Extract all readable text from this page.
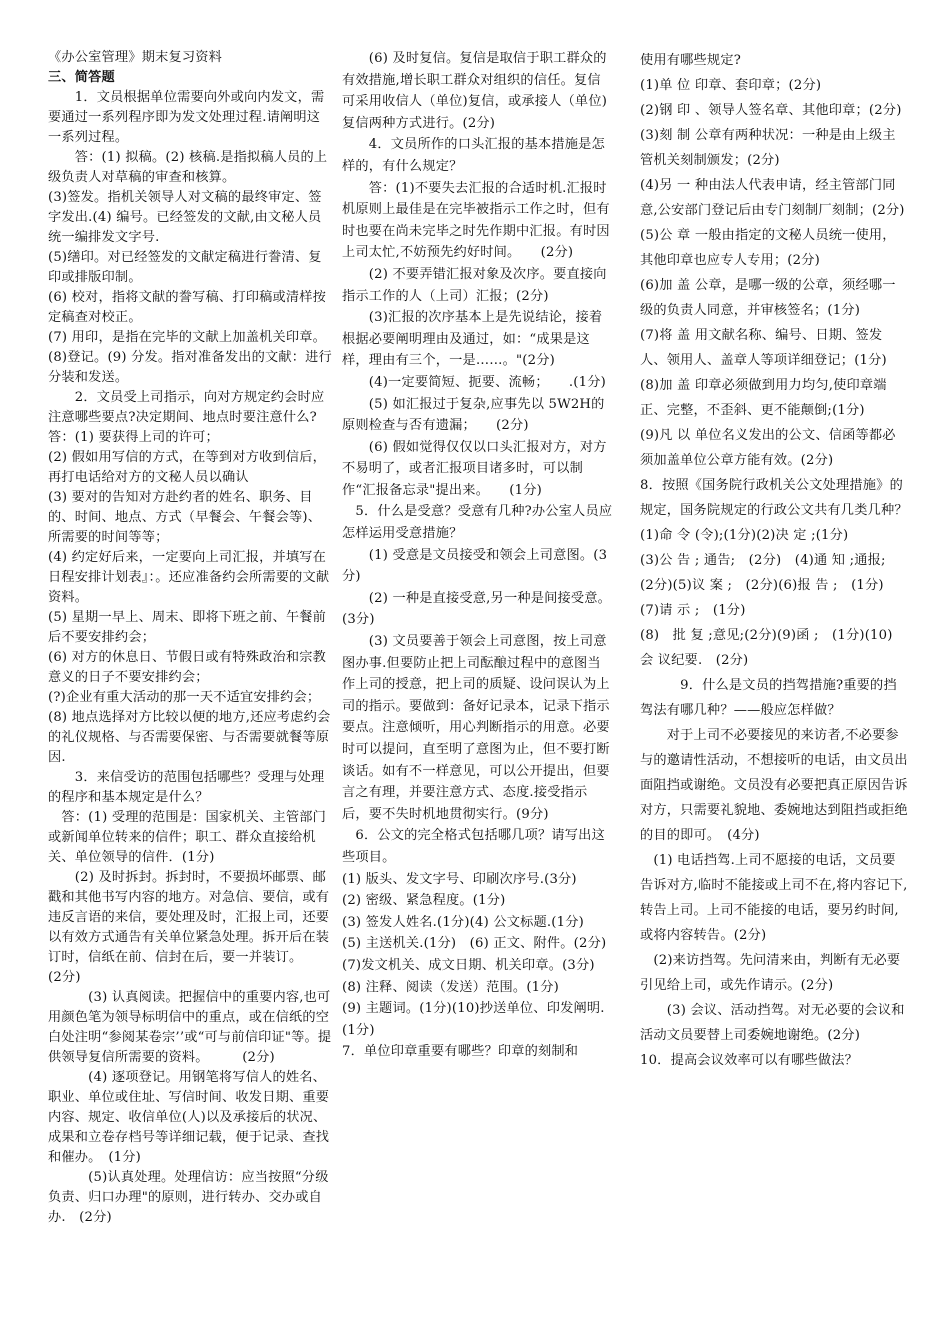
《办公室管理》期末复习资料

三、简答题

　　1．文员根据单位需要向外或向内发文，需要通过一系列程序即为发文处理过程.请阐明这一系列过程。

　　答：(1) 拟稿。(2) 核稿.是指拟稿人员的上级负责人对草稿的审查和核算。

(3)签发。指机关领导人对文稿的最终审定、签字发出.(4) 编号。已经签发的文献,由文秘人员统一编排发文字号.

(5)缮印。对已经签发的文献定稿进行誊清、复印或排版印制。

(6) 校对，指将文献的誊写稿、打印稿或清样按定稿查对校正。

(7) 用印，是指在完毕的文献上加盖机关印章。

(8)登记。(9) 分发。指对准备发出的文献：进行分装和发送。

　　2．文员受上司指示，向对方规定约会时应注意哪些要点?决定期间、地点时要注意什么?

答：(1) 要获得上司的许可；

(2) 假如用写信的方式，在等到对方收到信后，再打电话给对方的文秘人员以确认

(3) 要对的告知对方赴约者的姓名、职务、目的、时间、地点、方式（早餐会、午餐会等)、所需要的时间等等；

(4) 约定好后来，一定要向上司汇报，并填写在日程安排计划表』：。还应准备约会所需要的文献资料。

(5) 星期一早上、周末、即将下班之前、午餐前后不要安排约会；

(6) 对方的休息日、节假日或有特殊政治和宗教意义的日子不要安排约会；

(?)企业有重大活动的那一天不适宜安排约会；

(8) 地点选择对方比较以便的地方,还应考虑约会的礼仪规格、与否需要保密、与否需要就餐等原因.

　　3．来信受访的范围包括哪些？受理与处理的程序和基本规定是什么？

　答：(1) 受理的范围是：国家机关、主管部门或新闻单位转来的信件；职工、群众直接给机关、单位领导的信件．(1分)

　　(2) 及时拆封。拆封时，不要损坏邮票、邮戳和其他书写内容的地方。对急信、要信，或有违反言语的来信，要处理及时，汇报上司，还要以有效方式通告有关单位紧急处理。拆开后在装订时，信纸在前、信封在后，要一并装订。　　(2分)

　　　(3) 认真阅读。把握信中的重要内容,也可用颜色笔为领导标明信中的重点，或在信纸的空白处注明“参阅某卷宗’’或“可与前信印证"等。提供领导复信所需要的资料。　　　(2分)

　　　(4) 逐项登记。用钢笔将写信人的姓名、职业、单位或住址、写信时间、收发日期、重要内容、规定、收信单位(人)以及承接后的状况、成果和立卷存档号等详细记载，便于记录、查找和催办。　(1分)

　　　(5)认真处理。处理信访：应当按照“分级负责、归口办理"的原则，进行转办、交办或自办.　(2分)

　　(6) 及时复信。复信是取信于职工群众的有效措施,增长职工群众对组织的信任。复信可采用收信人（单位)复信，或承接人（单位)复信两种方式进行。(2分)

　　4．文员所作的口头汇报的基本措施是怎样的，有什么规定？

　　答：(1)不要失去汇报的合适时机.汇报时机原则上最佳是在完毕被指示工作之时，但有时也要在尚未完毕之时先作期中汇报。有时因上司太忙,不妨预先约好时间。　　(2分)

　　(2) 不要弄错汇报对象及次序。要直接向指示工作的人（上司）汇报；(2分)

　　(3)汇报的次序基本上是先说结论，接着根据必要阐明理由及通过，如：“成果是这样，理由有三个，一是……。"(2分)

　　(4)一定要简短、扼要、流畅；　　.(1分)

　　(5) 如汇报过于复杂,应事先以 5W2H的原则检查与否有遗漏；　　(2分)

　　(6) 假如觉得仅仅以口头汇报对方，对方不易明了，或者汇报项目诸多时，可以制作“汇报备忘录"提出来。　　(1分)

　5．什么是受意？受意有几种?办公室人员应怎样运用受意措施？

　　(1) 受意是文员接受和领会上司意图。(3分)

　　(2) 一种是直接受意,另一种是间接受意。(3分)

　　(3) 文员要善于领会上司意图，按上司意图办事.但要防止把上司酝酿过程中的意图当作上司的授意，把上司的质疑、设问误认为上司的指示。要做到：备好记录本，记录下指示要点。注意倾听，用心判断指示的用意。必要时可以提问，直至明了意图为止，但不要打断谈话。如有不一样意见，可以公开提出，但要言之有理，并要注意方式、态度.接受指示后，要不失时机地贯彻实行。(9分)

　6．公文的完全格式包括哪几项？请写出这些项目。

(1) 版头、发文字号、印刷次序号.(3分)

(2) 密级、紧急程度。(1分)

(3) 签发人姓名.(1分)(4) 公文标题.(1分)　(5) 主送机关.(1分)　(6) 正文、附件。(2分)(7)发文机关、成文日期、机关印章。(3分)(8) 注释、阅读（发送）范围。(1分)

(9) 主题词。(1分)(10)抄送单位、印发阐明.(1分)

7．单位印章重要有哪些？印章的刻制和

使用有哪些规定?

(1)单 位 印章、套印章；(2分)

(2)钢 印 、领导人签名章、其他印章；(2分)

(3)刻 制 公章有两种状况：一种是由上级主管机关刻制颁发；(2分)

(4)另 一 种由法人代表申请，经主管部门同意,公安部门登记后由专门刻制厂刻制；(2分)

(5)公 章 一般由指定的文秘人员统一使用，其他印章也应专人专用；(2分)

(6)加 盖 公章，是哪一级的公章，须经哪一级的负责人同意，并审核签名；(1分)

(7)将 盖 用文献名称、编号、日期、签发人、领用人、盖章人等项详细登记；(1分)

(8)加 盖 印章必须做到用力均匀,使印章端正、完整，不歪斜、更不能颠倒;(1分)

(9)凡 以 单位名义发出的公文、信函等都必须加盖单位公章方能有效。(2分)

8．按照《国务院行政机关公文处理措施》的规定，国务院规定的行政公文共有几类几种？

(1)命 令 (令);(1分)(2)决 定 ;(1分)

(3)公 告 ; 通告;　(2分)　(4)通 知 ;通报;　(2分)(5)议 案 ;　(2分)(6)报 告 ;　(1分)　(7)请 示 ;　(1分)

(8)　批 复 ;意见;(2分)(9)函 ;　(1分)(10)　会 议纪要.　(2分)

　　　9．什么是文员的挡驾措施?重要的挡驾法有哪几种？——般应怎样做？

　　对于上司不必要接见的来访者,不必要参与的邀请性活动，不想接听的电话，由文员出面阻挡或谢绝。文员没有必要把真正原因告诉对方，只需要礼貌地、委婉地达到阻挡或拒绝的目的即可。　(4分)

　(1) 电话挡驾.上司不愿接的电话，文员要告诉对方,临时不能接或上司不在,将内容记下,转告上司。上司不能接的电话，要另约时间,或将内容转告。(2分)

　(2)来访挡驾。先问清来由，判断有无必要引见给上司，或先作请示。(2分)

　　(3) 会议、活动挡驾。对无必要的会议和活动文员要替上司委婉地谢绝。(2分)

10．提高会议效率可以有哪些做法？
